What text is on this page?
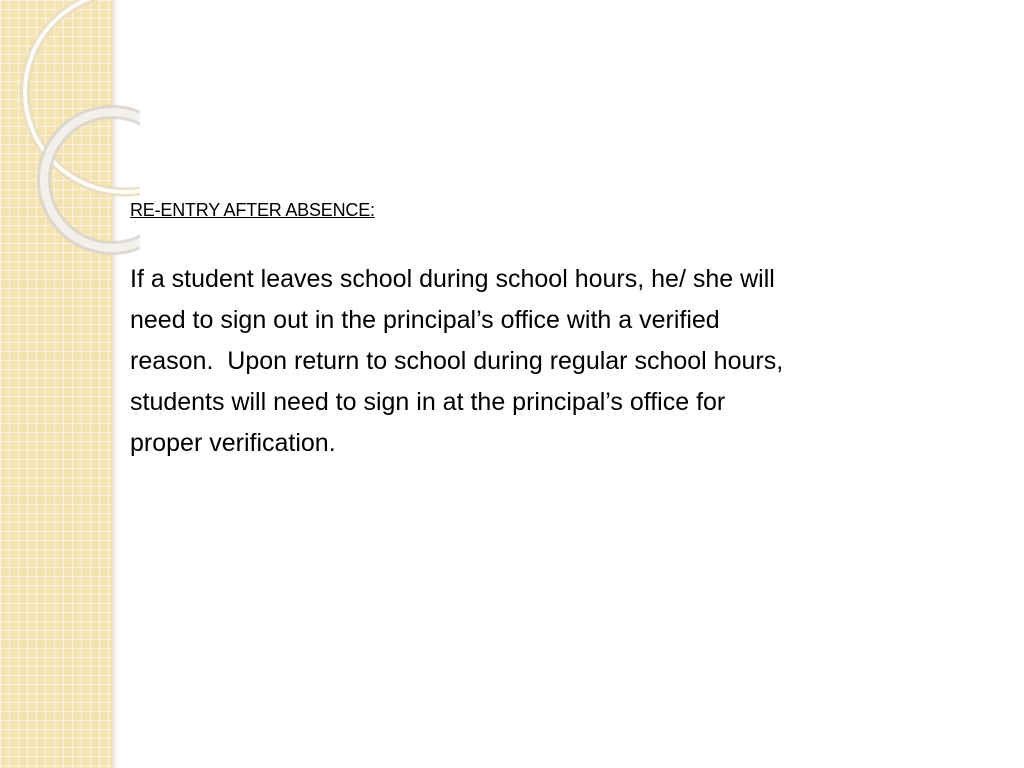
RE-ENTRY AFTER ABSENCE:

If a student leaves school during school hours, he/ she will
need to sign out in the principal’s office with a verified
reason.  Upon return to school during regular school hours,
students will need to sign in at the principal’s office for
proper verification.
